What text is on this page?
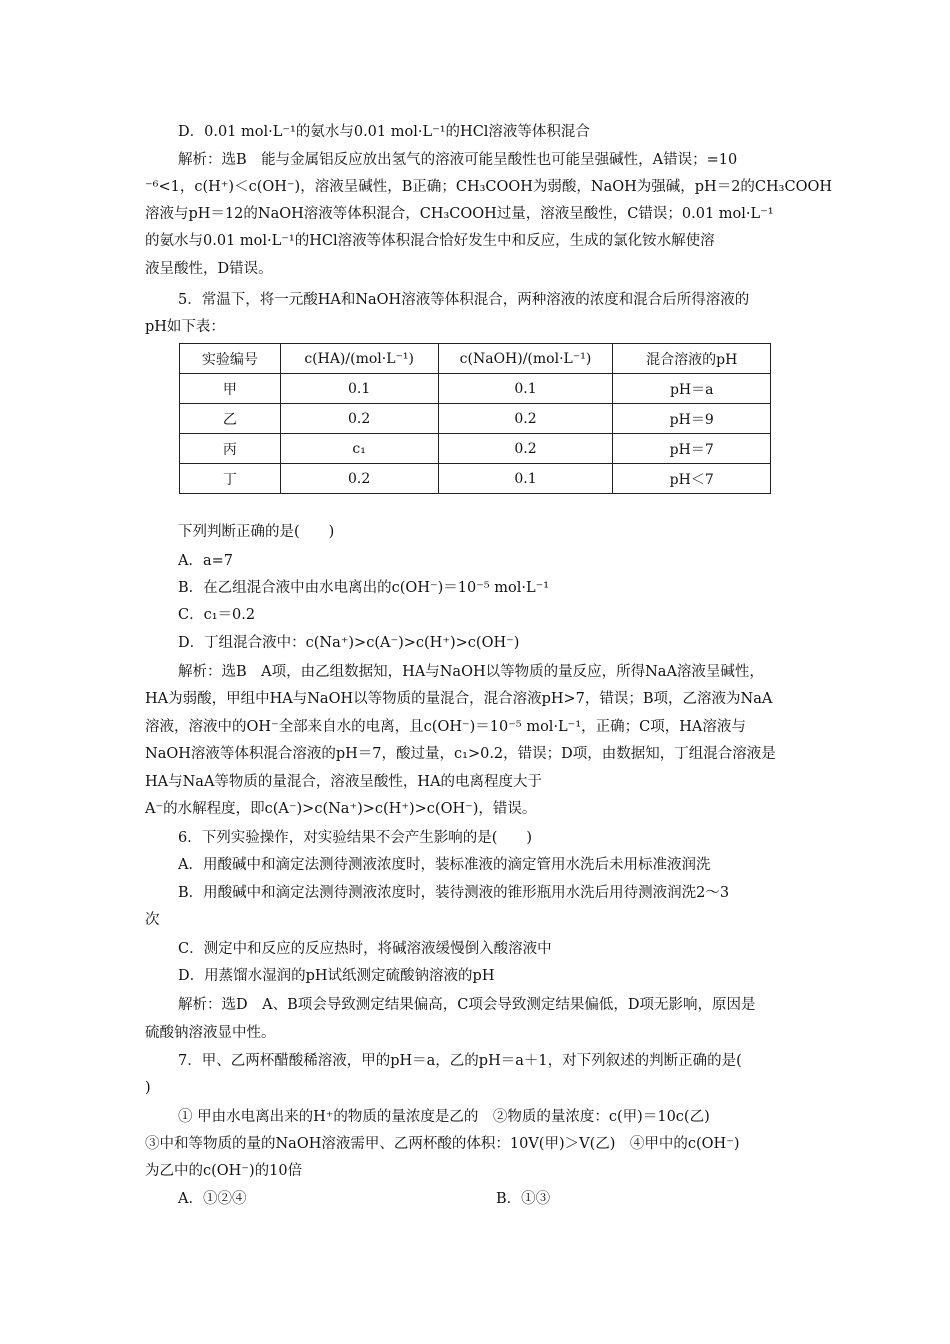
D．0.01 mol·L⁻¹的氨水与0.01 mol·L⁻¹的HCl溶液等体积混合
解析：选B　能与金属铝反应放出氢气的溶液可能呈酸性也可能呈强碱性，A错误；=10
⁻⁶<1，c(H⁺)＜c(OH⁻)，溶液呈碱性，B正确；CH₃COOH为弱酸，NaOH为强碱，pH＝2的CH₃COOH
溶液与pH＝12的NaOH溶液等体积混合，CH₃COOH过量，溶液呈酸性，C错误；0.01 mol·L⁻¹
的氨水与0.01 mol·L⁻¹的HCl溶液等体积混合恰好发生中和反应，生成的氯化铵水解使溶
液呈酸性，D错误。
5．常温下，将一元酸HA和NaOH溶液等体积混合，两种溶液的浓度和混合后所得溶液的
pH如下表：
实验编号	c(HA)/(mol·L⁻¹)	c(NaOH)/(mol·L⁻¹)	混合溶液的pH
甲	0.1	0.1	pH＝a
乙	0.2	0.2	pH＝9
丙	c₁	0.2	pH＝7
丁	0.2	0.1	pH＜7
下列判断正确的是(　　)
A．a=7
B．在乙组混合液中由水电离出的c(OH⁻)＝10⁻⁵ mol·L⁻¹
C．c₁＝0.2
D．丁组混合液中：c(Na⁺)>c(A⁻)>c(H⁺)>c(OH⁻)
解析：选B　A项，由乙组数据知，HA与NaOH以等物质的量反应，所得NaA溶液呈碱性，
HA为弱酸，甲组中HA与NaOH以等物质的量混合，混合溶液pH>7，错误；B项，乙溶液为NaA
溶液，溶液中的OH⁻全部来自水的电离，且c(OH⁻)＝10⁻⁵ mol·L⁻¹，正确；C项，HA溶液与
NaOH溶液等体积混合溶液的pH＝7，酸过量，c₁>0.2，错误；D项，由数据知，丁组混合溶液是
HA与NaA等物质的量混合，溶液呈酸性，HA的电离程度大于
A⁻的水解程度，即c(A⁻)>c(Na⁺)>c(H⁺)>c(OH⁻)，错误。
6．下列实验操作，对实验结果不会产生影响的是(　　)
A．用酸碱中和滴定法测待测液浓度时，装标准液的滴定管用水洗后未用标准液润洗
B．用酸碱中和滴定法测待测液浓度时，装待测液的锥形瓶用水洗后用待测液润洗2～3
次
C．测定中和反应的反应热时，将碱溶液缓慢倒入酸溶液中
D．用蒸馏水湿润的pH试纸测定硫酸钠溶液的pH
解析：选D　A、B项会导致测定结果偏高，C项会导致测定结果偏低，D项无影响，原因是
硫酸钠溶液显中性。
7．甲、乙两杯醋酸稀溶液，甲的pH＝a，乙的pH＝a＋1，对下列叙述的判断正确的是(
)
① 甲由水电离出来的H⁺的物质的量浓度是乙的　②物质的量浓度：c(甲)＝10c(乙)
③中和等物质的量的NaOH溶液需甲、乙两杯酸的体积：10V(甲)＞V(乙)　④甲中的c(OH⁻)
为乙中的c(OH⁻)的10倍
A．①②④	B．①③
